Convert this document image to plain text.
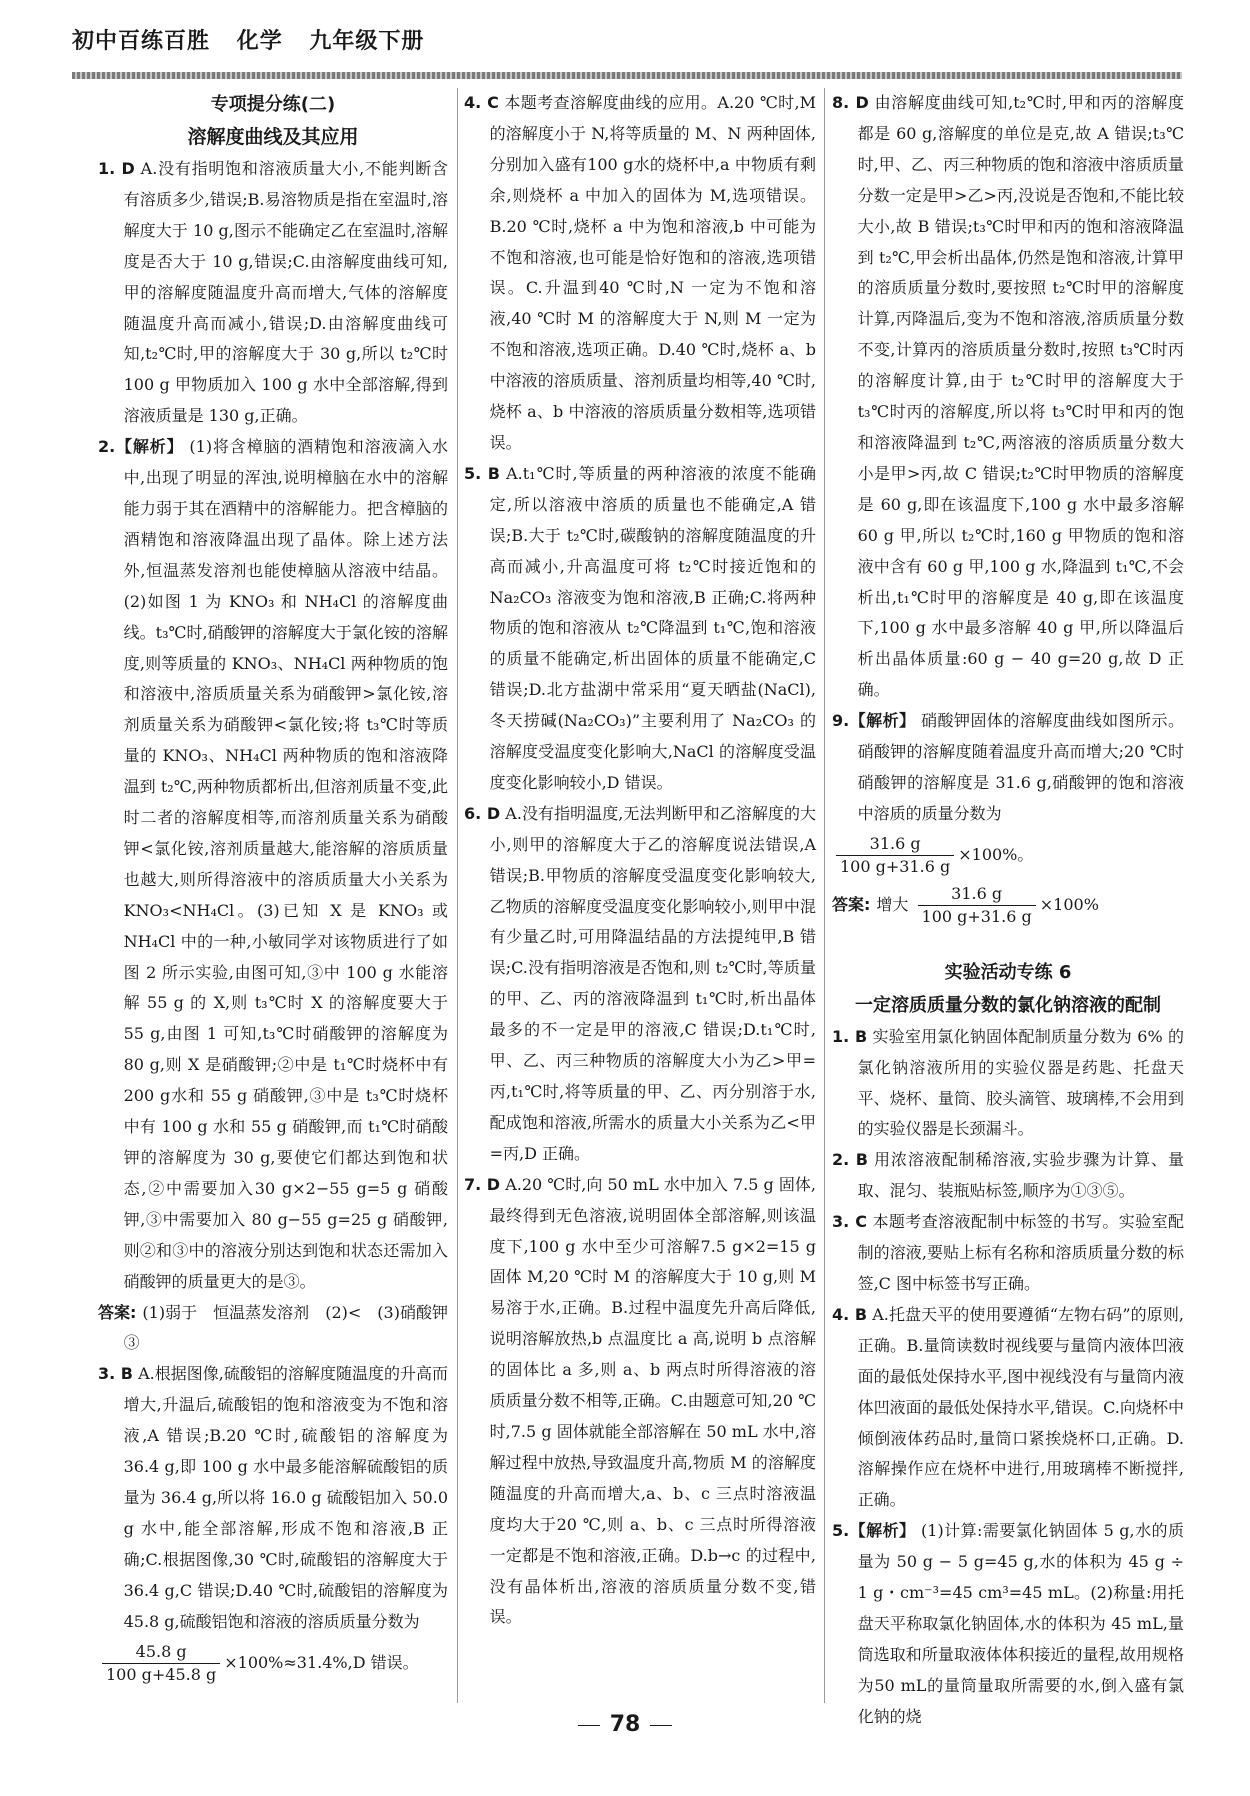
初中百练百胜 化学 九年级下册
专项提分练(二)
溶解度曲线及其应用
1. D A.没有指明饱和溶液质量大小,不能判断含有溶质多少,错误;B.易溶物质是指在室温时,溶解度大于 10 g,图示不能确定乙在室温时,溶解度是否大于 10 g,错误;C.由溶解度曲线可知,甲的溶解度随温度升高而增大,气体的溶解度随温度升高而减小,错误;D.由溶解度曲线可知,t₂℃时,甲的溶解度大于 30 g,所以 t₂℃时 100 g 甲物质加入 100 g 水中全部溶解,得到溶液质量是 130 g,正确。
2.【解析】 (1)将含樟脑的酒精饱和溶液滴入水中,出现了明显的浑浊,说明樟脑在水中的溶解能力弱于其在酒精中的溶解能力。把含樟脑的酒精饱和溶液降温出现了晶体。除上述方法外,恒温蒸发溶剂也能使樟脑从溶液中结晶。(2)如图 1 为 KNO₃ 和 NH₄Cl 的溶解度曲线。t₃℃时,硝酸钾的溶解度大于氯化铵的溶解度,则等质量的 KNO₃、NH₄Cl 两种物质的饱和溶液中,溶质质量关系为硝酸钾>氯化铵,溶剂质量关系为硝酸钾<氯化铵;将 t₃℃时等质量的 KNO₃、NH₄Cl 两种物质的饱和溶液降温到 t₂℃,两种物质都析出,但溶剂质量不变,此时二者的溶解度相等,而溶剂质量关系为硝酸钾<氯化铵,溶剂质量越大,能溶解的溶质质量也越大,则所得溶液中的溶质质量大小关系为 KNO₃<NH₄Cl。(3)已知 X 是 KNO₃ 或 NH₄Cl 中的一种,小敏同学对该物质进行了如图 2 所示实验,由图可知,③中 100 g 水能溶解 55 g 的 X,则 t₃℃时 X 的溶解度要大于 55 g,由图 1 可知,t₃℃时硝酸钾的溶解度为 80 g,则 X 是硝酸钾;②中是 t₁℃时烧杯中有200 g水和 55 g 硝酸钾,③中是 t₃℃时烧杯中有 100 g 水和 55 g 硝酸钾,而 t₁℃时硝酸钾的溶解度为 30 g,要使它们都达到饱和状态,②中需要加入30 g×2−55 g=5 g 硝酸钾,③中需要加入 80 g−55 g=25 g 硝酸钾,则②和③中的溶液分别达到饱和状态还需加入硝酸钾的质量更大的是③。
答案: (1)弱于　恒温蒸发溶剂　(2)<　(3)硝酸钾　③
3. B A.根据图像,硫酸铝的溶解度随温度的升高而增大,升温后,硫酸铝的饱和溶液变为不饱和溶液,A 错误;B.20 ℃时,硫酸铝的溶解度为 36.4 g,即 100 g 水中最多能溶解硫酸铝的质量为 36.4 g,所以将 16.0 g 硫酸铝加入 50.0 g 水中,能全部溶解,形成不饱和溶液,B 正确;C.根据图像,30 ℃时,硫酸铝的溶解度大于36.4 g,C 错误;D.40 ℃时,硫酸铝的溶解度为 45.8 g,硫酸铝饱和溶液的溶质质量分数为
$\frac{45.8 g}{100 g+45.8 g} \times 100\%\approx 31.4\%,D$ 错误。
4. C 本题考查溶解度曲线的应用。A.20 ℃时,M 的溶解度小于 N,将等质量的 M、N 两种固体,分别加入盛有100 g水的烧杯中,a 中物质有剩余,则烧杯 a 中加入的固体为 M,选项错误。B.20 ℃时,烧杯 a 中为饱和溶液,b 中可能为不饱和溶液,也可能是恰好饱和的溶液,选项错误。C.升温到40 ℃时,N 一定为不饱和溶液,40 ℃时 M 的溶解度大于 N,则 M 一定为不饱和溶液,选项正确。D.40 ℃时,烧杯 a、b 中溶液的溶质质量、溶剂质量均相等,40 ℃时,烧杯 a、b 中溶液的溶质质量分数相等,选项错误。
5. B A.t₁℃时,等质量的两种溶液的浓度不能确定,所以溶液中溶质的质量也不能确定,A 错误;B.大于 t₂℃时,碳酸钠的溶解度随温度的升高而减小,升高温度可将 t₂℃时接近饱和的 Na₂CO₃ 溶液变为饱和溶液,B 正确;C.将两种物质的饱和溶液从 t₂℃降温到 t₁℃,饱和溶液的质量不能确定,析出固体的质量不能确定,C 错误;D.北方盐湖中常采用“夏天晒盐(NaCl),冬天捞碱(Na₂CO₃)”主要利用了 Na₂CO₃ 的溶解度受温度变化影响大,NaCl 的溶解度受温度变化影响较小,D 错误。
6. D A.没有指明温度,无法判断甲和乙溶解度的大小,则甲的溶解度大于乙的溶解度说法错误,A 错误;B.甲物质的溶解度受温度变化影响较大,乙物质的溶解度受温度变化影响较小,则甲中混有少量乙时,可用降温结晶的方法提纯甲,B 错误;C.没有指明溶液是否饱和,则 t₂℃时,等质量的甲、乙、丙的溶液降温到 t₁℃时,析出晶体最多的不一定是甲的溶液,C 错误;D.t₁℃时,甲、乙、丙三种物质的溶解度大小为乙>甲=丙,t₁℃时,将等质量的甲、乙、丙分别溶于水,配成饱和溶液,所需水的质量大小关系为乙<甲=丙,D 正确。
7. D A.20 ℃时,向 50 mL 水中加入 7.5 g 固体,最终得到无色溶液,说明固体全部溶解,则该温度下,100 g 水中至少可溶解7.5 g×2=15 g 固体 M,20 ℃时 M 的溶解度大于 10 g,则 M 易溶于水,正确。B.过程中温度先升高后降低,说明溶解放热,b 点温度比 a 高,说明 b 点溶解的固体比 a 多,则 a、b 两点时所得溶液的溶质质量分数不相等,正确。C.由题意可知,20 ℃时,7.5 g 固体就能全部溶解在 50 mL 水中,溶解过程中放热,导致温度升高,物质 M 的溶解度随温度的升高而增大,a、b、c 三点时溶液温度均大于20 ℃,则 a、b、c 三点时所得溶液一定都是不饱和溶液,正确。D.b→c 的过程中,没有晶体析出,溶液的溶质质量分数不变,错误。
8. D 由溶解度曲线可知,t₂℃时,甲和丙的溶解度都是 60 g,溶解度的单位是克,故 A 错误;t₃℃时,甲、乙、丙三种物质的饱和溶液中溶质质量分数一定是甲>乙>丙,没说是否饱和,不能比较大小,故 B 错误;t₃℃时甲和丙的饱和溶液降温到 t₂℃,甲会析出晶体,仍然是饱和溶液,计算甲的溶质质量分数时,要按照 t₂℃时甲的溶解度计算,丙降温后,变为不饱和溶液,溶质质量分数不变,计算丙的溶质质量分数时,按照 t₃℃时丙的溶解度计算,由于 t₂℃时甲的溶解度大于 t₃℃时丙的溶解度,所以将 t₃℃时甲和丙的饱和溶液降温到 t₂℃,两溶液的溶质质量分数大小是甲>丙,故 C 错误;t₂℃时甲物质的溶解度是 60 g,即在该温度下,100 g 水中最多溶解 60 g 甲,所以 t₂℃时,160 g 甲物质的饱和溶液中含有 60 g 甲,100 g 水,降温到 t₁℃,不会析出,t₁℃时甲的溶解度是 40 g,即在该温度下,100 g 水中最多溶解 40 g 甲,所以降温后析出晶体质量:60 g − 40 g=20 g,故 D 正确。
9.【解析】 硝酸钾固体的溶解度曲线如图所示。硝酸钾的溶解度随着温度升高而增大;20 ℃时硝酸钾的溶解度是 31.6 g,硝酸钾的饱和溶液中溶质的质量分数为
$\frac{31.6 g}{100 g+31.6 g} \times 100\%$。
答案: 增大 $\frac{31.6 g}{100 g+31.6 g} \times 100\%$
实验活动专练 6
一定溶质质量分数的氯化钠溶液的配制
1. B 实验室用氯化钠固体配制质量分数为 6% 的氯化钠溶液所用的实验仪器是药匙、托盘天平、烧杯、量筒、胶头滴管、玻璃棒,不会用到的实验仪器是长颈漏斗。
2. B 用浓溶液配制稀溶液,实验步骤为计算、量取、混匀、装瓶贴标签,顺序为①③⑤。
3. C 本题考查溶液配制中标签的书写。实验室配制的溶液,要贴上标有名称和溶质质量分数的标签,C 图中标签书写正确。
4. B A.托盘天平的使用要遵循“左物右码”的原则,正确。B.量筒读数时视线要与量筒内液体凹液面的最低处保持水平,图中视线没有与量筒内液体凹液面的最低处保持水平,错误。C.向烧杯中倾倒液体药品时,量筒口紧挨烧杯口,正确。D.溶解操作应在烧杯中进行,用玻璃棒不断搅拌,正确。
5.【解析】 (1)计算:需要氯化钠固体 5 g,水的质量为 50 g − 5 g=45 g,水的体积为 45 g ÷ 1 g・cm⁻³=45 cm³=45 mL。(2)称量:用托盘天平称取氯化钠固体,水的体积为 45 mL,量筒选取和所量取液体体积接近的量程,故用规格为50 mL的量筒量取所需要的水,倒入盛有氯化钠的烧
78
